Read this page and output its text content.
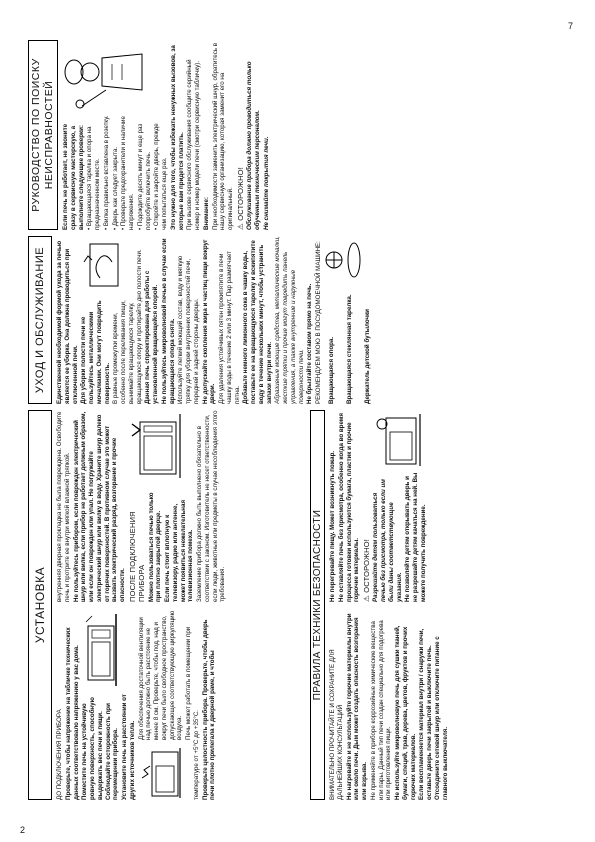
2
7
УСТАНОВКА

ДО ПОДКЛЮЧЕНИЯ ПРИБОРА Проверьте, чтобы напряжение на табличке технических данных соответствовало напряжению у вас дома. Поместите печь на устойчивую ровную поверхность, способную выдержать вес печи и пищи. Соблюдайте осторожность при перемещении прибора. Установите печь на расстоянии от других источников тепла.

Для обеспечения достаточной вентиляции над печью должно быть расстояние не менее 8 см. Проверьте, чтобы под, над и вокруг печи было свободное пространство, допускающее соответствующую циркуляцию воздуха. Печь может работать в помещении при температуре от +5°C до +35°C. Проверьте целостность прибора. Проверьте, чтобы дверь печи плотно прилегала к дверной раме, и чтобы

внутренняя дверная прокладка не была повреждена. Освободите печь и протрите ее внутри мягкой влажной тряпкой. Не пользуйтесь прибором, если поврежден электрический шнур или вилка, если прибор не работает должным образом, или если он поврежден или упал. Не погружайте электрический шнур или вилку в воду. Храните шнур далеко от горячих поверхностей. В противном случае это может вызвать электрический разряд, возгорание и прочие опасности. ПОСЛЕ ПОДКЛЮЧЕНИЯ ПРИБОРА Можно пользоваться печью только при плотно закрытой дверце. Если печь стоит вплотную к телевизору, радио или антенне, может появиться нежелательная телевизионная помеха. Заземление прибора должно быть выполнено обязательно в соответствии с законом. Изготовитель не несет ответственности, если люди, животные или предметы в случае несоблюдения этого требования.	ПРАВИЛА ТЕХНИКИ БЕЗОПАСНОСТИ

ВНИМАТЕЛЬНО ПРОЧИТАЙТЕ И СОХРАНИТЕ ДЛЯ ДАЛЬНЕЙШИХ КОНСУЛЬТАЦИЙ Не нагревайте и не используйте горючие материалы внутри или около печи. Дым может создать опасность возгорания или взрыва. Не применяйте в приборе коррозийные химические вещества или пары. Данный тип печи создан специально для подогрева или приготовления пищи. Не используйте микроволновую печь для сушки тканей, бумаги, специй, трав, дерева, цветов, фруктов и прочих горючих материалов. Если воспламеняется материал внутри / снаружи печи, оставьте дверь печи закрытой и выключите печь. Отсоедините сетевой шнур или отключите питание с главного выключателя.

Не перегревайте пищу. Может возникнуть пожар. Не оставляйте печь без присмотра, особенно когда во время процесса готовки используются бумага, пластик и прочие горючие материалы. ⚠ ОСТОРОЖНО! Разрешайте детям пользоваться печью без присмотра, только если им были даны соответствующие указания. Не позволяйте детям открывать дверь и не разрешайте детям качаться на ней. Вы можете получить повреждение.

УХОД И ОБСЛУЖИВАНИЕ	Единственной необходимой формой ухода за печью является ее уборка. Она должна проводиться при отключенной печи. Для уборки полости печи не пользуйтесь металлическими мочалками. Они могут повредить поверхность. В равные промежутки времени, особенно после переливания пищи, вынимайте вращающуюся тарелку, вращающуюся опору и протирайте дно полости печи. Данная печь спроектирована для работы с установленной вращающейся опорой. Не пользуйтесь микроволновой печью в случае если вращающаяся опора снята. Используйте легкий моющий состав, воду и мягкую тряпку для уборки внутренних поверхностей печи, передней и задней стороны дверцы. Не допускайте скопления жира и частиц пищи вокруг двери. Для удаления устойчивых пятен прокипятите в печи чашку воды в течение 2 или 3 минут. Пар размягчает пятна. Добавьте немного лимонного сока в чашку воды, поставьте ее на вращающуюся тарелку и вскипятите воду в течение нескольких минут, чтобы устранить запахи внутри печи. Абразивные моющие средства, металлические мочалки, жесткие тряпки и прочие могут повредить панель управления, а также внутренние и наружные поверхности печи. Не брызгайте составом прямо на печь. РЕКОМЕНДУЕМ МОЮ В ПОСУДОМОЕЧНОЙ МАШИНЕ: Вращающаяся опора. Вращающаяся стеклянная тарелка. Держатель детской бутылочки

РУКОВОДСТВО ПО ПОИСКУ НЕИСПРАВНОСТЕЙ Если печь не работает, не звоните сразу в сервисную мастерскую, а выполните следующие проверки: • Вращающаяся тарелка и опора на предназначенном месте. • Вилка правильно вставлена в розетку.

• Дверь как следует закрыта.

• Проверьте предохранители и наличие напряжения. • Подождите десять минут и еще раз попробуйте включить печь. • Откройте и закройте дверь, прежде чем попытаться еще раз. Это нужно для того, чтобы избежать ненужных вызовов, за которые вам придется платить. При вызове сервисного обслуживания сообщите серийный номер и номер модели печи (смотри сервисную табличку). Внимание: При необходимости заменить электрический шнур, обратитесь в нашу сервисную организацию, которая заменит его на оригинальный. ⚠ ОСТОРОЖНО! Обслуживание прибора должно проводиться только обученным техническим персоналом. Не снимайте покрытия печи.
